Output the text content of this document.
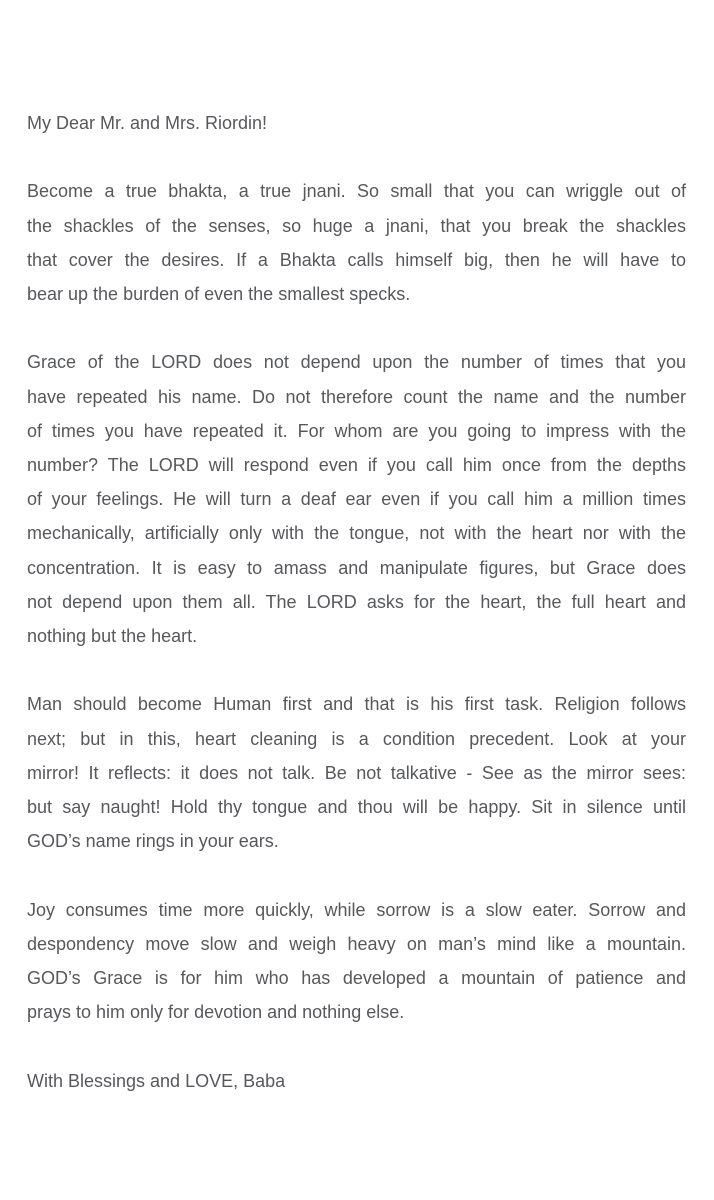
My Dear Mr. and Mrs. Riordin!
Become a true bhakta, a true jnani. So small that you can wriggle out of
the shackles of the senses, so huge a jnani, that you break the shackles
that cover the desires. If a Bhakta calls himself big, then he will have to
bear up the burden of even the smallest specks.
Grace of the LORD does not depend upon the number of times that you
have repeated his name. Do not therefore count the name and the number
of times you have repeated it. For whom are you going to impress with the
number? The LORD will respond even if you call him once from the depths
of your feelings. He will turn a deaf ear even if you call him a million times
mechanically, artificially only with the tongue, not with the heart nor with the
concentration. It is easy to amass and manipulate figures, but Grace does
not depend upon them all. The LORD asks for the heart, the full heart and
nothing but the heart.
Man should become Human first and that is his first task. Religion follows
next; but in this, heart cleaning is a condition precedent. Look at your
mirror! It reflects: it does not talk. Be not talkative - See as the mirror sees:
but say naught! Hold thy tongue and thou will be happy. Sit in silence until
GOD’s name rings in your ears.
Joy consumes time more quickly, while sorrow is a slow eater. Sorrow and
despondency move slow and weigh heavy on man’s mind like a mountain.
GOD’s Grace is for him who has developed a mountain of patience and
prays to him only for devotion and nothing else.
With Blessings and LOVE, Baba
